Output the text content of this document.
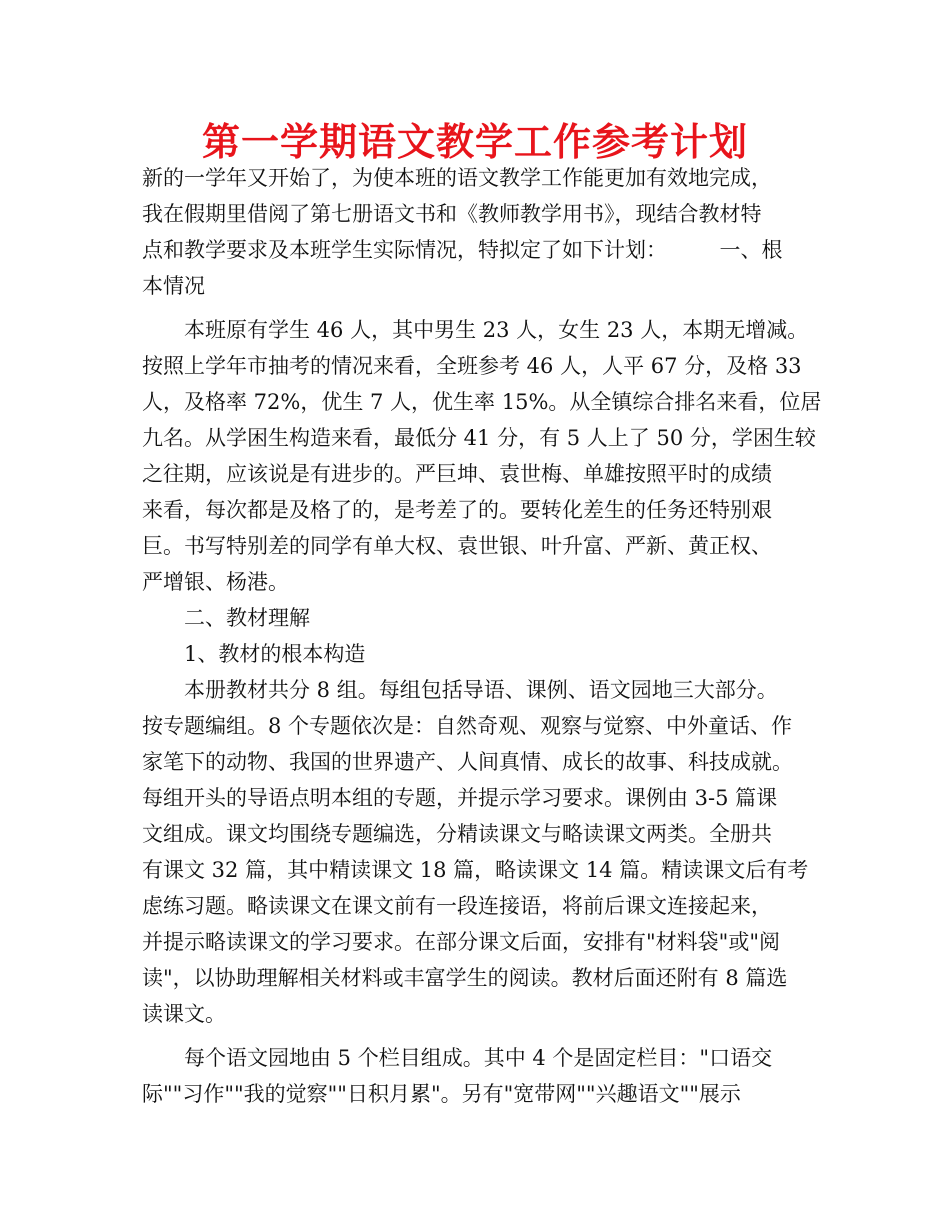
第一学期语文教学工作参考计划
新的一学年又开始了，为使本班的语文教学工作能更加有效地完成，
我在假期里借阅了第七册语文书和《教师教学用书》，现结合教材特
点和教学要求及本班学生实际情况，特拟定了如下计划：　　　一、根
本情况
本班原有学生 46 人，其中男生 23 人，女生 23 人，本期无增减。
按照上学年市抽考的情况来看，全班参考 46 人，人平 67 分，及格 33
人，及格率 72%，优生 7 人，优生率 15%。从全镇综合排名来看，位居
九名。从学困生构造来看，最低分 41 分，有 5 人上了 50 分，学困生较
之往期，应该说是有进步的。严巨坤、袁世梅、单雄按照平时的成绩
来看，每次都是及格了的，是考差了的。要转化差生的任务还特别艰
巨。书写特别差的同学有单大权、袁世银、叶升富、严新、黄正权、
严增银、杨港。
二、教材理解
1、教材的根本构造
本册教材共分 8 组。每组包括导语、课例、语文园地三大部分。
按专题编组。8 个专题依次是：自然奇观、观察与觉察、中外童话、作
家笔下的动物、我国的世界遗产、人间真情、成长的故事、科技成就。
每组开头的导语点明本组的专题，并提示学习要求。课例由 3-5 篇课
文组成。课文均围绕专题编选，分精读课文与略读课文两类。全册共
有课文 32 篇，其中精读课文 18 篇，略读课文 14 篇。精读课文后有考
虑练习题。略读课文在课文前有一段连接语，将前后课文连接起来，
并提示略读课文的学习要求。在部分课文后面，安排有"材料袋"或"阅
读"，以协助理解相关材料或丰富学生的阅读。教材后面还附有 8 篇选
读课文。
每个语文园地由 5 个栏目组成。其中 4 个是固定栏目："口语交
际""习作""我的觉察""日积月累"。另有"宽带网""兴趣语文""展示
